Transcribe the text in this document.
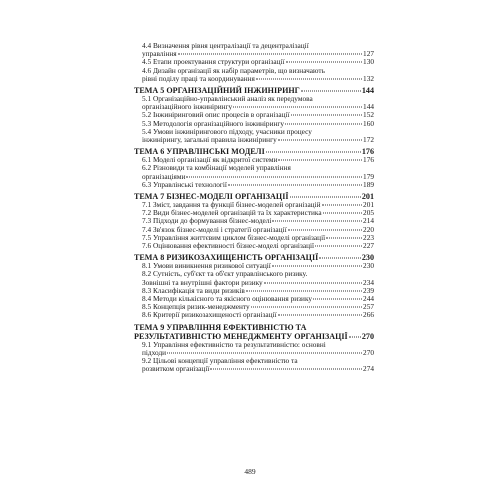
4.4 Визначення рівня централізації та децентралізації
управління	127
4.5 Етапи проектування структури організації	130
4.6 Дизайн організації як набір параметрів, що визначають
рівні поділу праці та координування	132
ТЕМА 5 ОРГАНІЗАЦІЙНИЙ ІНЖИНІРИНГ	144
5.1 Організаційно-управлінський аналіз як передумова
організаційного інжинірингу	144
5.2 Інжиніринговий опис процесів в організації	152
5.3 Методологія організаційного інжинірингу	160
5.4 Умови інжинірингового підходу, учасники процесу
інжинірингу, загальні правила інжинірингу	172
ТЕМА 6 УПРАВЛІНСЬКІ МОДЕЛІ	176
6.1 Моделі організації як відкритої системи	176
6.2 Різновиди та комбінації моделей управління
організаціями	179
6.3 Управлінські технології	189
ТЕМА 7 БІЗНЕС-МОДЕЛІ ОРГАНІЗАЦІЇ	201
7.1 Зміст, завдання та функції бізнес-моделей організацій	201
7.2 Види бізнес-моделей організацій та їх характеристика	205
7.3 Підходи до формування бізнес-моделі	214
7.4 Зв'язок бізнес-моделі і стратегії організації	220
7.5 Управління життєвим циклом бізнес-моделі організації	223
7.6 Оцінювання ефективності бізнес-моделі організації	227
ТЕМА 8 РИЗИКОЗАХИЩЕНІСТЬ ОРГАНІЗАЦІЇ	230
8.1 Умови виникнення ризикової ситуації	230
8.2 Сутність, суб'єкт та об'єкт управлінського ризику.
Зовнішні та внутрішні фактори ризику	234
8.3 Класифікація та види ризиків	239
8.4 Методи кількісного та якісного оцінювання ризику	244
8.5 Концепція ризик-менеджменту	257
8.6 Критерії ризикозахищеності організації	266
ТЕМА 9 УПРАВЛІННЯ ЕФЕКТИВНІСТЮ ТА
РЕЗУЛЬТАТИВНІСТЮ МЕНЕДЖМЕНТУ ОРГАНІЗАЦІЇ 270
9.1 Управління ефективністю та результативністю: основні
підходи	270
9.2 Цільові концепції управління ефективністю та
розвитком організації	274
489
